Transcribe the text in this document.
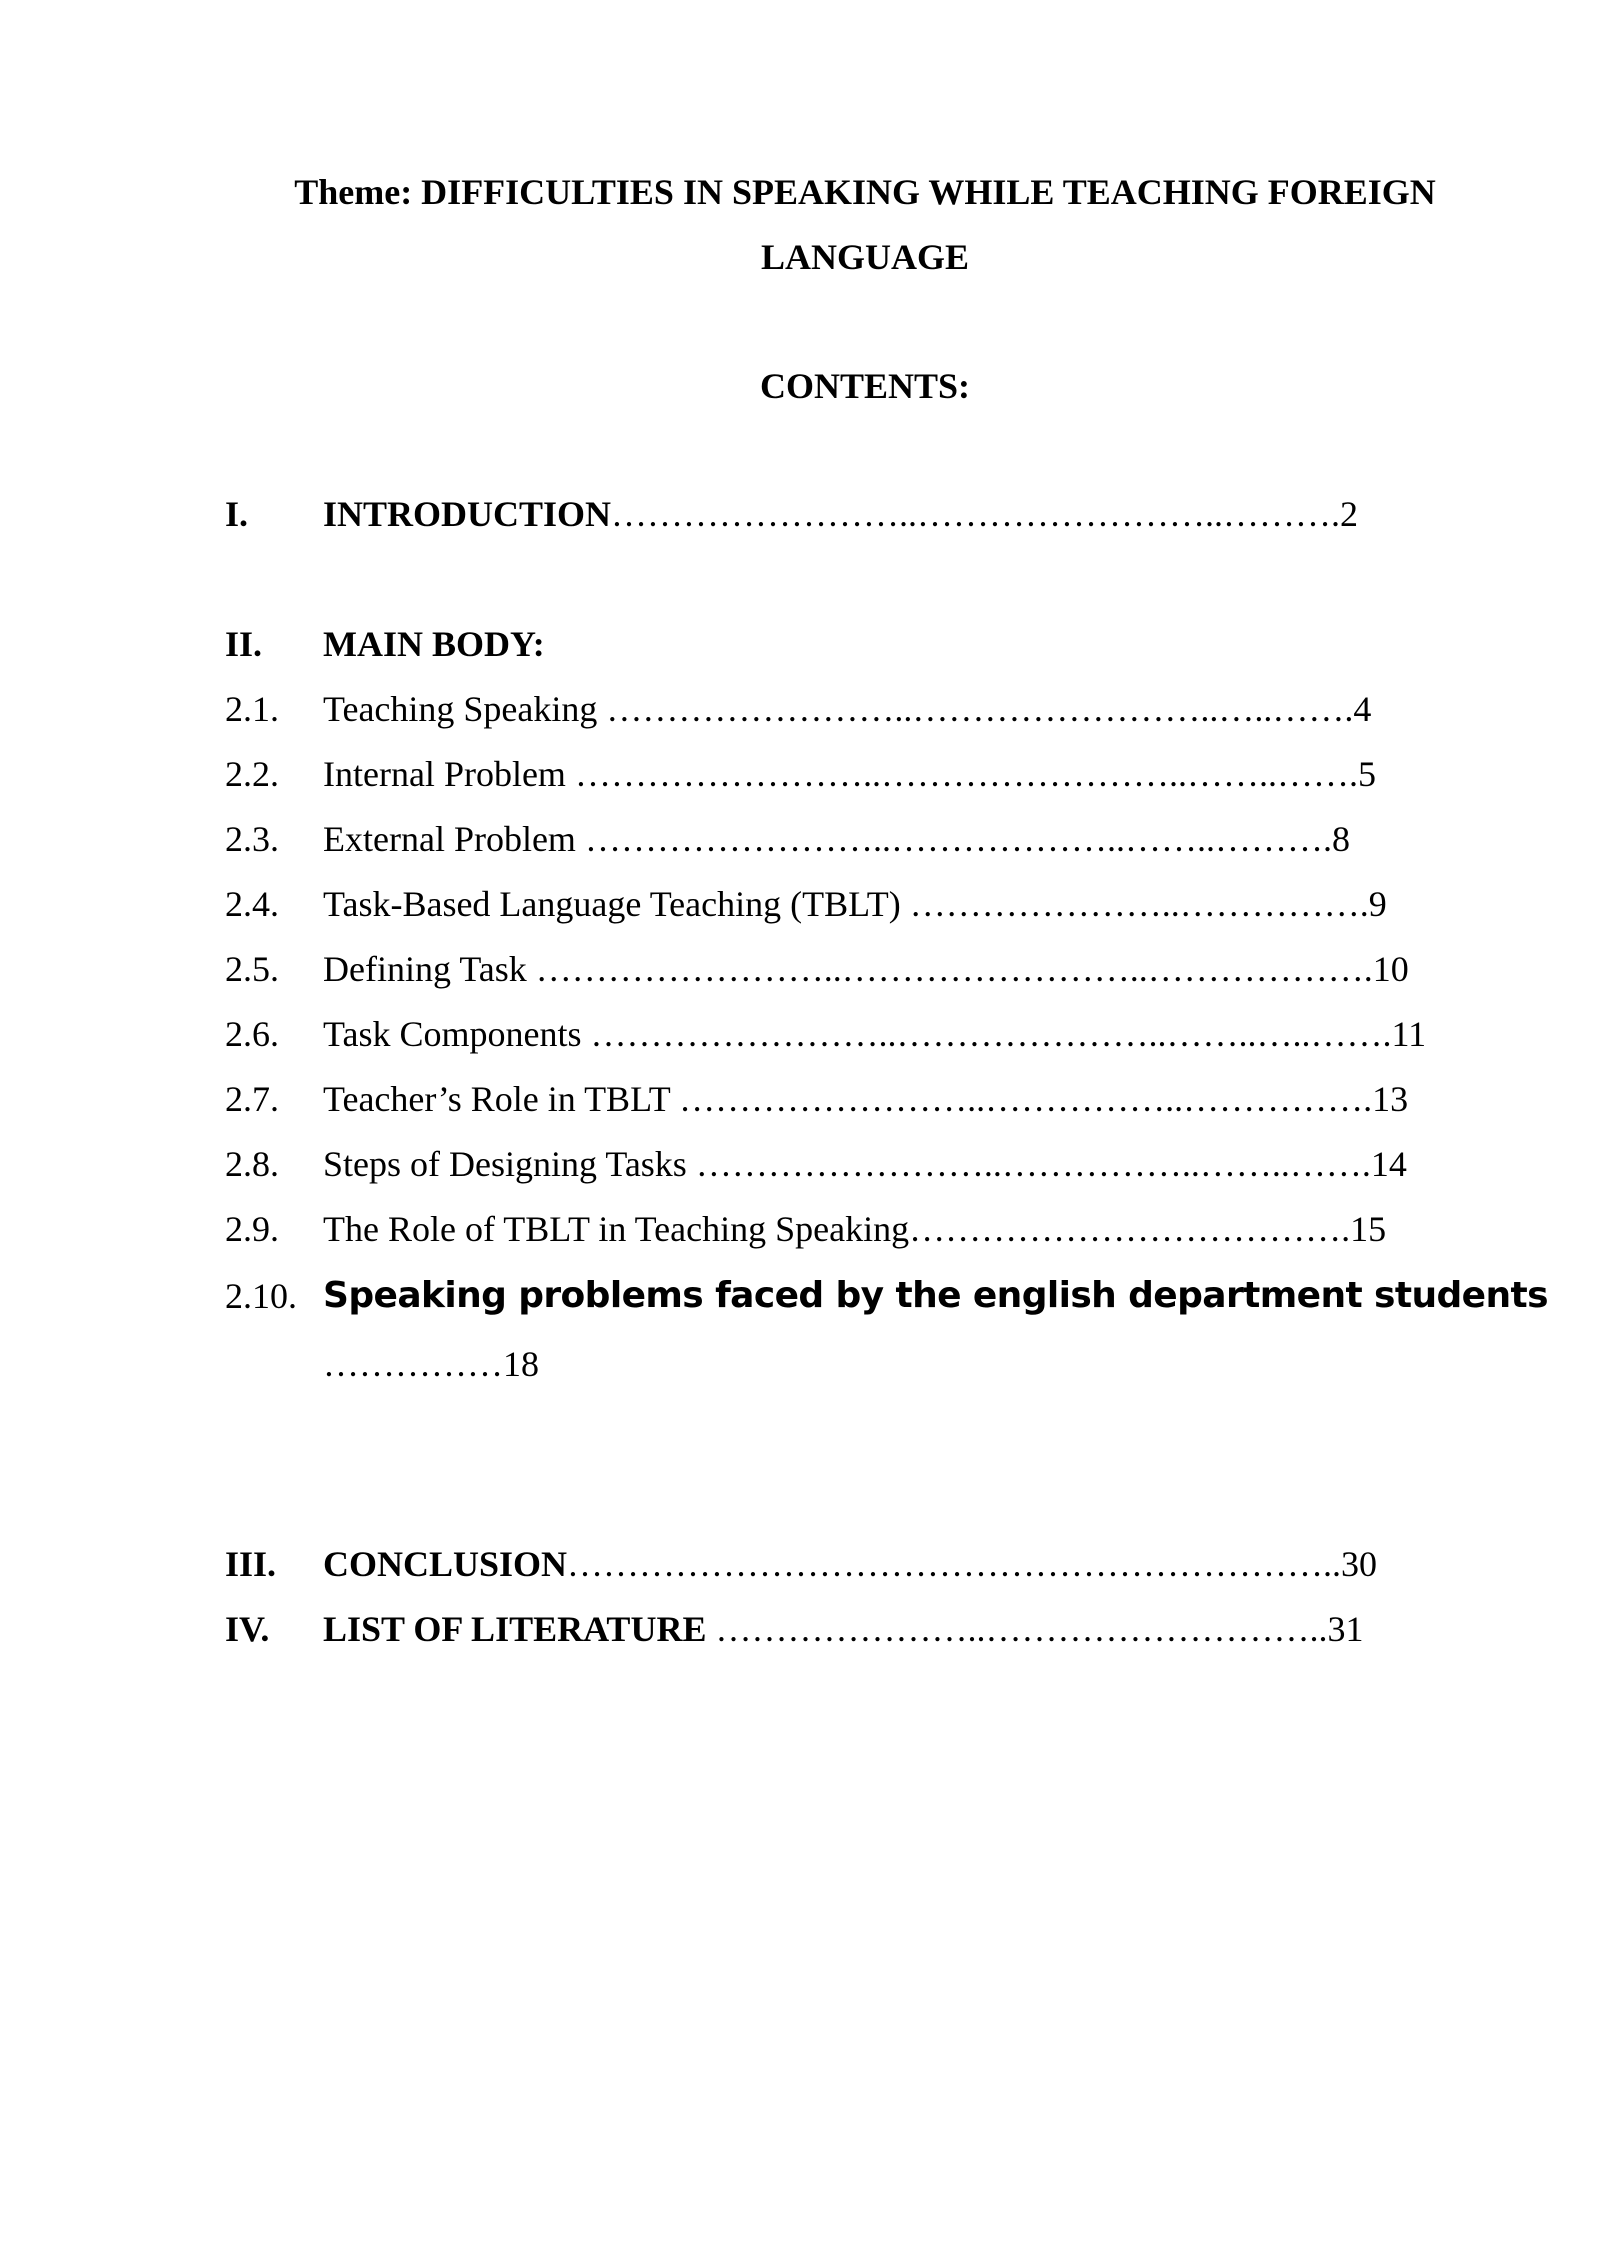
Theme: DIFFICULTIES IN SPEAKING WHILE TEACHING FOREIGN
LANGUAGE
CONTENTS:
I. INTRODUCTION……………………..……………………..……….2
II. MAIN BODY:
2.1. Teaching Speaking ……………………..……………………..…..…….4
2.2. Internal Problem ……………………..……………………..……..…….5
2.3. External Problem ……………………..………………..……..……….8
2.4. Task-Based Language Teaching (TBLT) …………………..…………….9
2.5. Defining Task ……………………..……………………..……………….10
2.6. Task Components ……………………..…………………..……..…..…….11
2.7. Teacher’s Role in TBLT ……………………..……………..…………….13
2.8. Steps of Designing Tasks ……………………..……………..……..…….14
2.9. The Role of TBLT in Teaching Speaking……………………………….15
2.10. Speaking problems faced by the english department students
……………18
III. CONCLUSION………………………………………………………..30
IV. LIST OF LITERATURE …………………..………………………..31
